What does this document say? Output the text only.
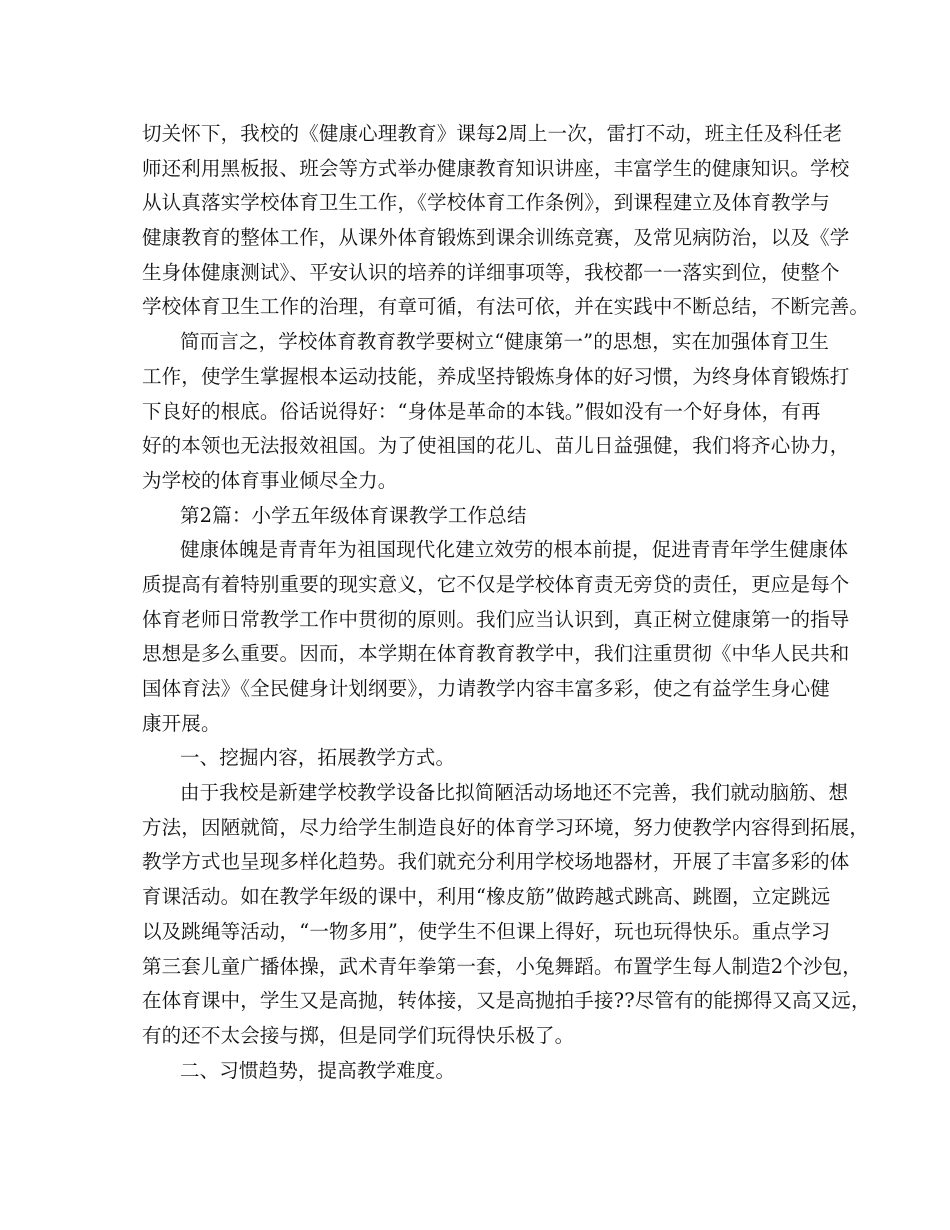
切关怀下，我校的《健康心理教育》课每2周上一次，雷打不动，班主任及科任老
师还利用黑板报、班会等方式举办健康教育知识讲座，丰富学生的健康知识。学校
从认真落实学校体育卫生工作，《学校体育工作条例》，到课程建立及体育教学与
健康教育的整体工作，从课外体育锻炼到课余训练竞赛，及常见病防治，以及《学
生身体健康测试》、平安认识的培养的详细事项等，我校都一一落实到位，使整个
学校体育卫生工作的治理，有章可循，有法可依，并在实践中不断总结，不断完善。
简而言之，学校体育教育教学要树立“健康第一”的思想，实在加强体育卫生
工作，使学生掌握根本运动技能，养成坚持锻炼身体的好习惯，为终身体育锻炼打
下良好的根底。俗话说得好：“身体是革命的本钱。”假如没有一个好身体，有再
好的本领也无法报效祖国。为了使祖国的花儿、苗儿日益强健，我们将齐心协力，
为学校的体育事业倾尽全力。
第2篇：小学五年级体育课教学工作总结
健康体魄是青青年为祖国现代化建立效劳的根本前提，促进青青年学生健康体
质提高有着特别重要的现实意义，它不仅是学校体育责无旁贷的责任，更应是每个
体育老师日常教学工作中贯彻的原则。我们应当认识到，真正树立健康第一的指导
思想是多么重要。因而，本学期在体育教育教学中，我们注重贯彻《中华人民共和
国体育法》《全民健身计划纲要》，力请教学内容丰富多彩，使之有益学生身心健
康开展。
一、挖掘内容，拓展教学方式。
由于我校是新建学校教学设备比拟简陋活动场地还不完善，我们就动脑筋、想
方法，因陋就简，尽力给学生制造良好的体育学习环境，努力使教学内容得到拓展，
教学方式也呈现多样化趋势。我们就充分利用学校场地器材，开展了丰富多彩的体
育课活动。如在教学年级的课中，利用“橡皮筋”做跨越式跳高、跳圈，立定跳远
以及跳绳等活动，“一物多用”，使学生不但课上得好，玩也玩得快乐。重点学习
第三套儿童广播体操，武术青年拳第一套，小兔舞蹈。布置学生每人制造2个沙包，
在体育课中，学生又是高抛，转体接，又是高抛拍手接??尽管有的能掷得又高又远，
有的还不太会接与掷，但是同学们玩得快乐极了。
二、习惯趋势，提高教学难度。
